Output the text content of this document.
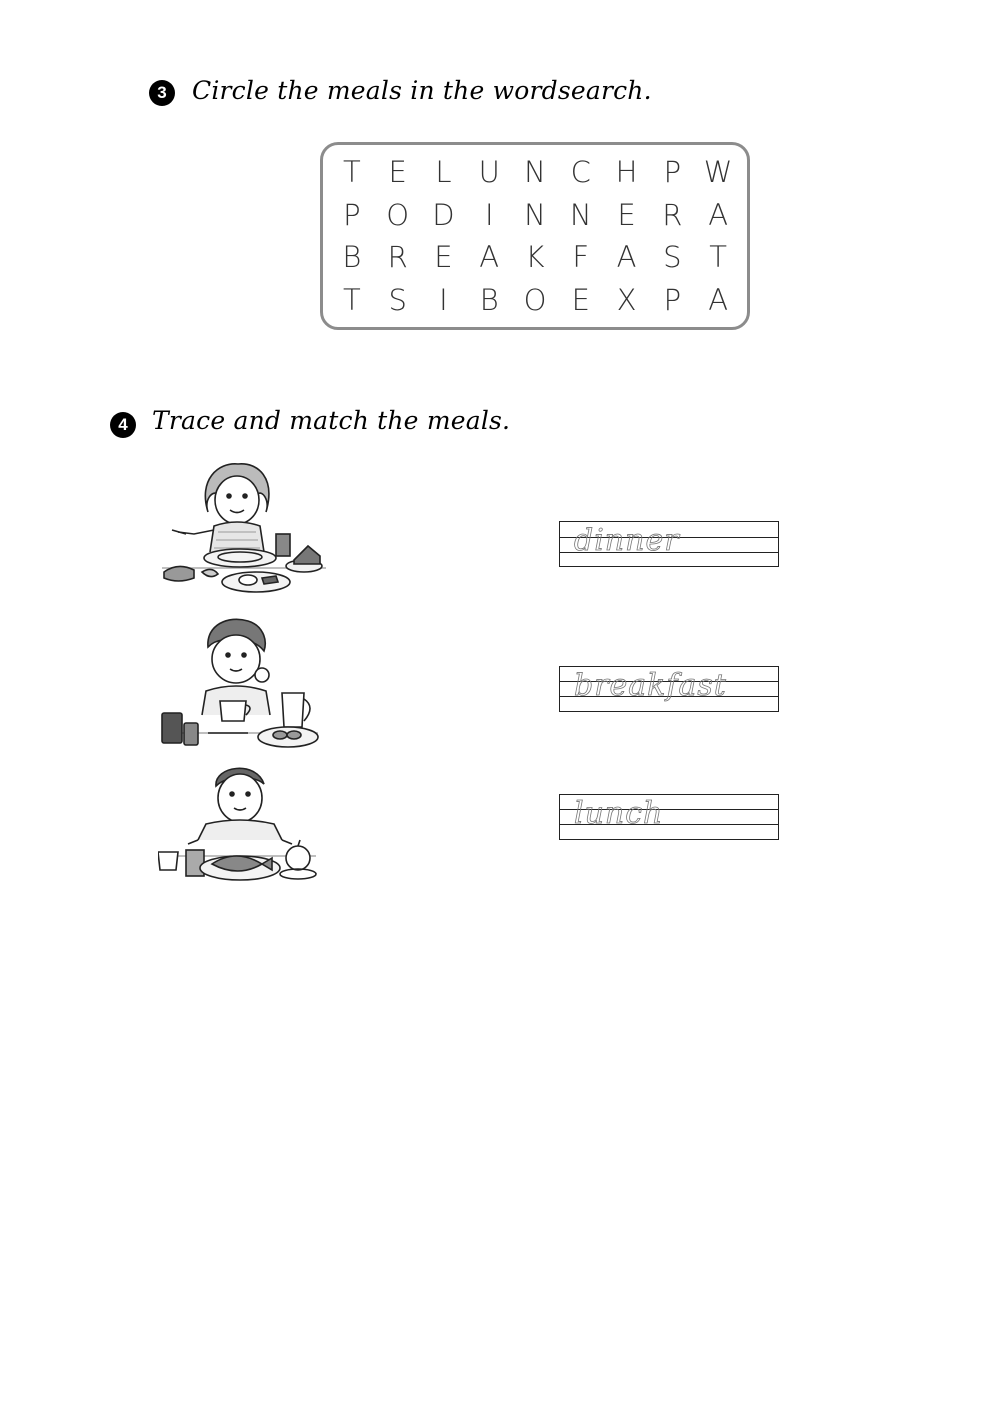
3	Circle the meals in the wordsearch.
T E L U N C H P W
P O D	I	N N E R A
B R E A K F A S T
T S	I	B O E X P A
4 Trace and match the meals.
dinner
breakfast
lunch
